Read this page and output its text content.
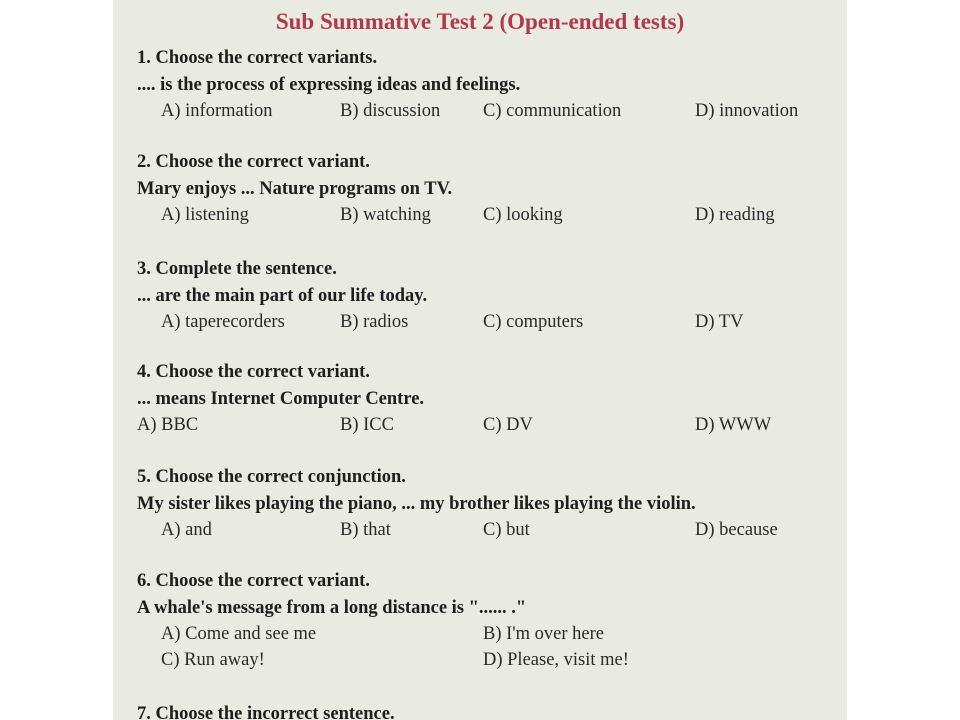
Sub Summative Test 2 (Open-ended tests)
1. Choose the correct variants.
.... is the process of expressing ideas and feelings.
A) information	B) discussion C) communication	D) innovation
2. Choose the correct variant.
Mary enjoys ... Nature programs on TV.
A) listening	B) watching	C) looking	D) reading
3. Complete the sentence.
... are the main part of our life today.
A) taperecorders	B) radios	C) computers	D) TV
4. Choose the correct variant.
... means Internet Computer Centre.
A) BBC	B) ICC	C) DV	D) WWW
5. Choose the correct conjunction.
My sister likes playing the piano, ... my brother likes playing the violin.
A) and	B) that	C) but	D) because
6. Choose the correct variant.
A whale's message from a long distance is "...... ."
A) Come and see me	B) I'm over here
C) Run away!	D) Please, visit me!
7. Choose the incorrect sentence.
